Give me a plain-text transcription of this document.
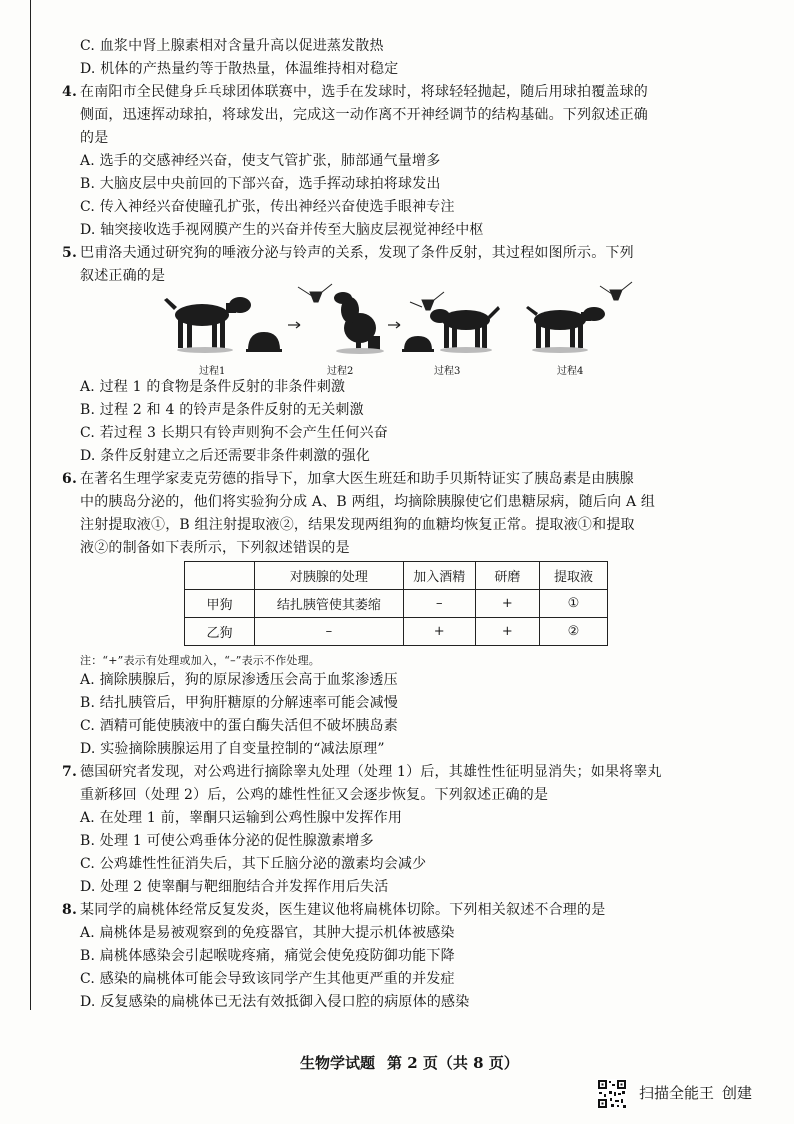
C. 血浆中肾上腺素相对含量升高以促进蒸发散热
D. 机体的产热量约等于散热量，体温维持相对稳定
4. 在南阳市全民健身乒乓球团体联赛中，选手在发球时，将球轻轻抛起，随后用球拍覆盖球的
侧面，迅速挥动球拍，将球发出，完成这一动作离不开神经调节的结构基础。下列叙述正确
的是
A. 选手的交感神经兴奋，使支气管扩张，肺部通气量增多
B. 大脑皮层中央前回的下部兴奋，选手挥动球拍将球发出
C. 传入神经兴奋使瞳孔扩张，传出神经兴奋使选手眼神专注
D. 轴突接收选手视网膜产生的兴奋并传至大脑皮层视觉神经中枢
5. 巴甫洛夫通过研究狗的唾液分泌与铃声的关系，发现了条件反射，其过程如图所示。下列
叙述正确的是
过程1	过程2	过程3	过程4
A. 过程 1 的食物是条件反射的非条件刺激
B. 过程 2 和 4 的铃声是条件反射的无关刺激
C. 若过程 3 长期只有铃声则狗不会产生任何兴奋
D. 条件反射建立之后还需要非条件刺激的强化
6. 在著名生理学家麦克劳德的指导下，加拿大医生班廷和助手贝斯特证实了胰岛素是由胰腺
中的胰岛分泌的，他们将实验狗分成 A、B 两组，均摘除胰腺使它们患糖尿病，随后向 A 组
注射提取液①，B 组注射提取液②，结果发现两组狗的血糖均恢复正常。提取液①和提取
液②的制备如下表所示，下列叙述错误的是
	对胰腺的处理	加入酒精	研磨	提取液
甲狗	结扎胰管使其萎缩	–	+	①
乙狗	–	+	+	②
注：“+”表示有处理或加入，“–”表示不作处理。
A. 摘除胰腺后，狗的原尿渗透压会高于血浆渗透压
B. 结扎胰管后，甲狗肝糖原的分解速率可能会减慢
C. 酒精可能使胰液中的蛋白酶失活但不破坏胰岛素
D. 实验摘除胰腺运用了自变量控制的“减法原理”
7. 德国研究者发现，对公鸡进行摘除睾丸处理（处理 1）后，其雄性性征明显消失；如果将睾丸
重新移回（处理 2）后，公鸡的雄性性征又会逐步恢复。下列叙述正确的是
A. 在处理 1 前，睾酮只运输到公鸡性腺中发挥作用
B. 处理 1 可使公鸡垂体分泌的促性腺激素增多
C. 公鸡雄性性征消失后，其下丘脑分泌的激素均会减少
D. 处理 2 使睾酮与靶细胞结合并发挥作用后失活
8. 某同学的扁桃体经常反复发炎，医生建议他将扁桃体切除。下列相关叙述不合理的是
A. 扁桃体是易被观察到的免疫器官，其肿大提示机体被感染
B. 扁桃体感染会引起喉咙疼痛，痛觉会使免疫防御功能下降
C. 感染的扁桃体可能会导致该同学产生其他更严重的并发症
D. 反复感染的扁桃体已无法有效抵御入侵口腔的病原体的感染
生物学试题 第 2 页（共 8 页）
扫描全能王 创建
